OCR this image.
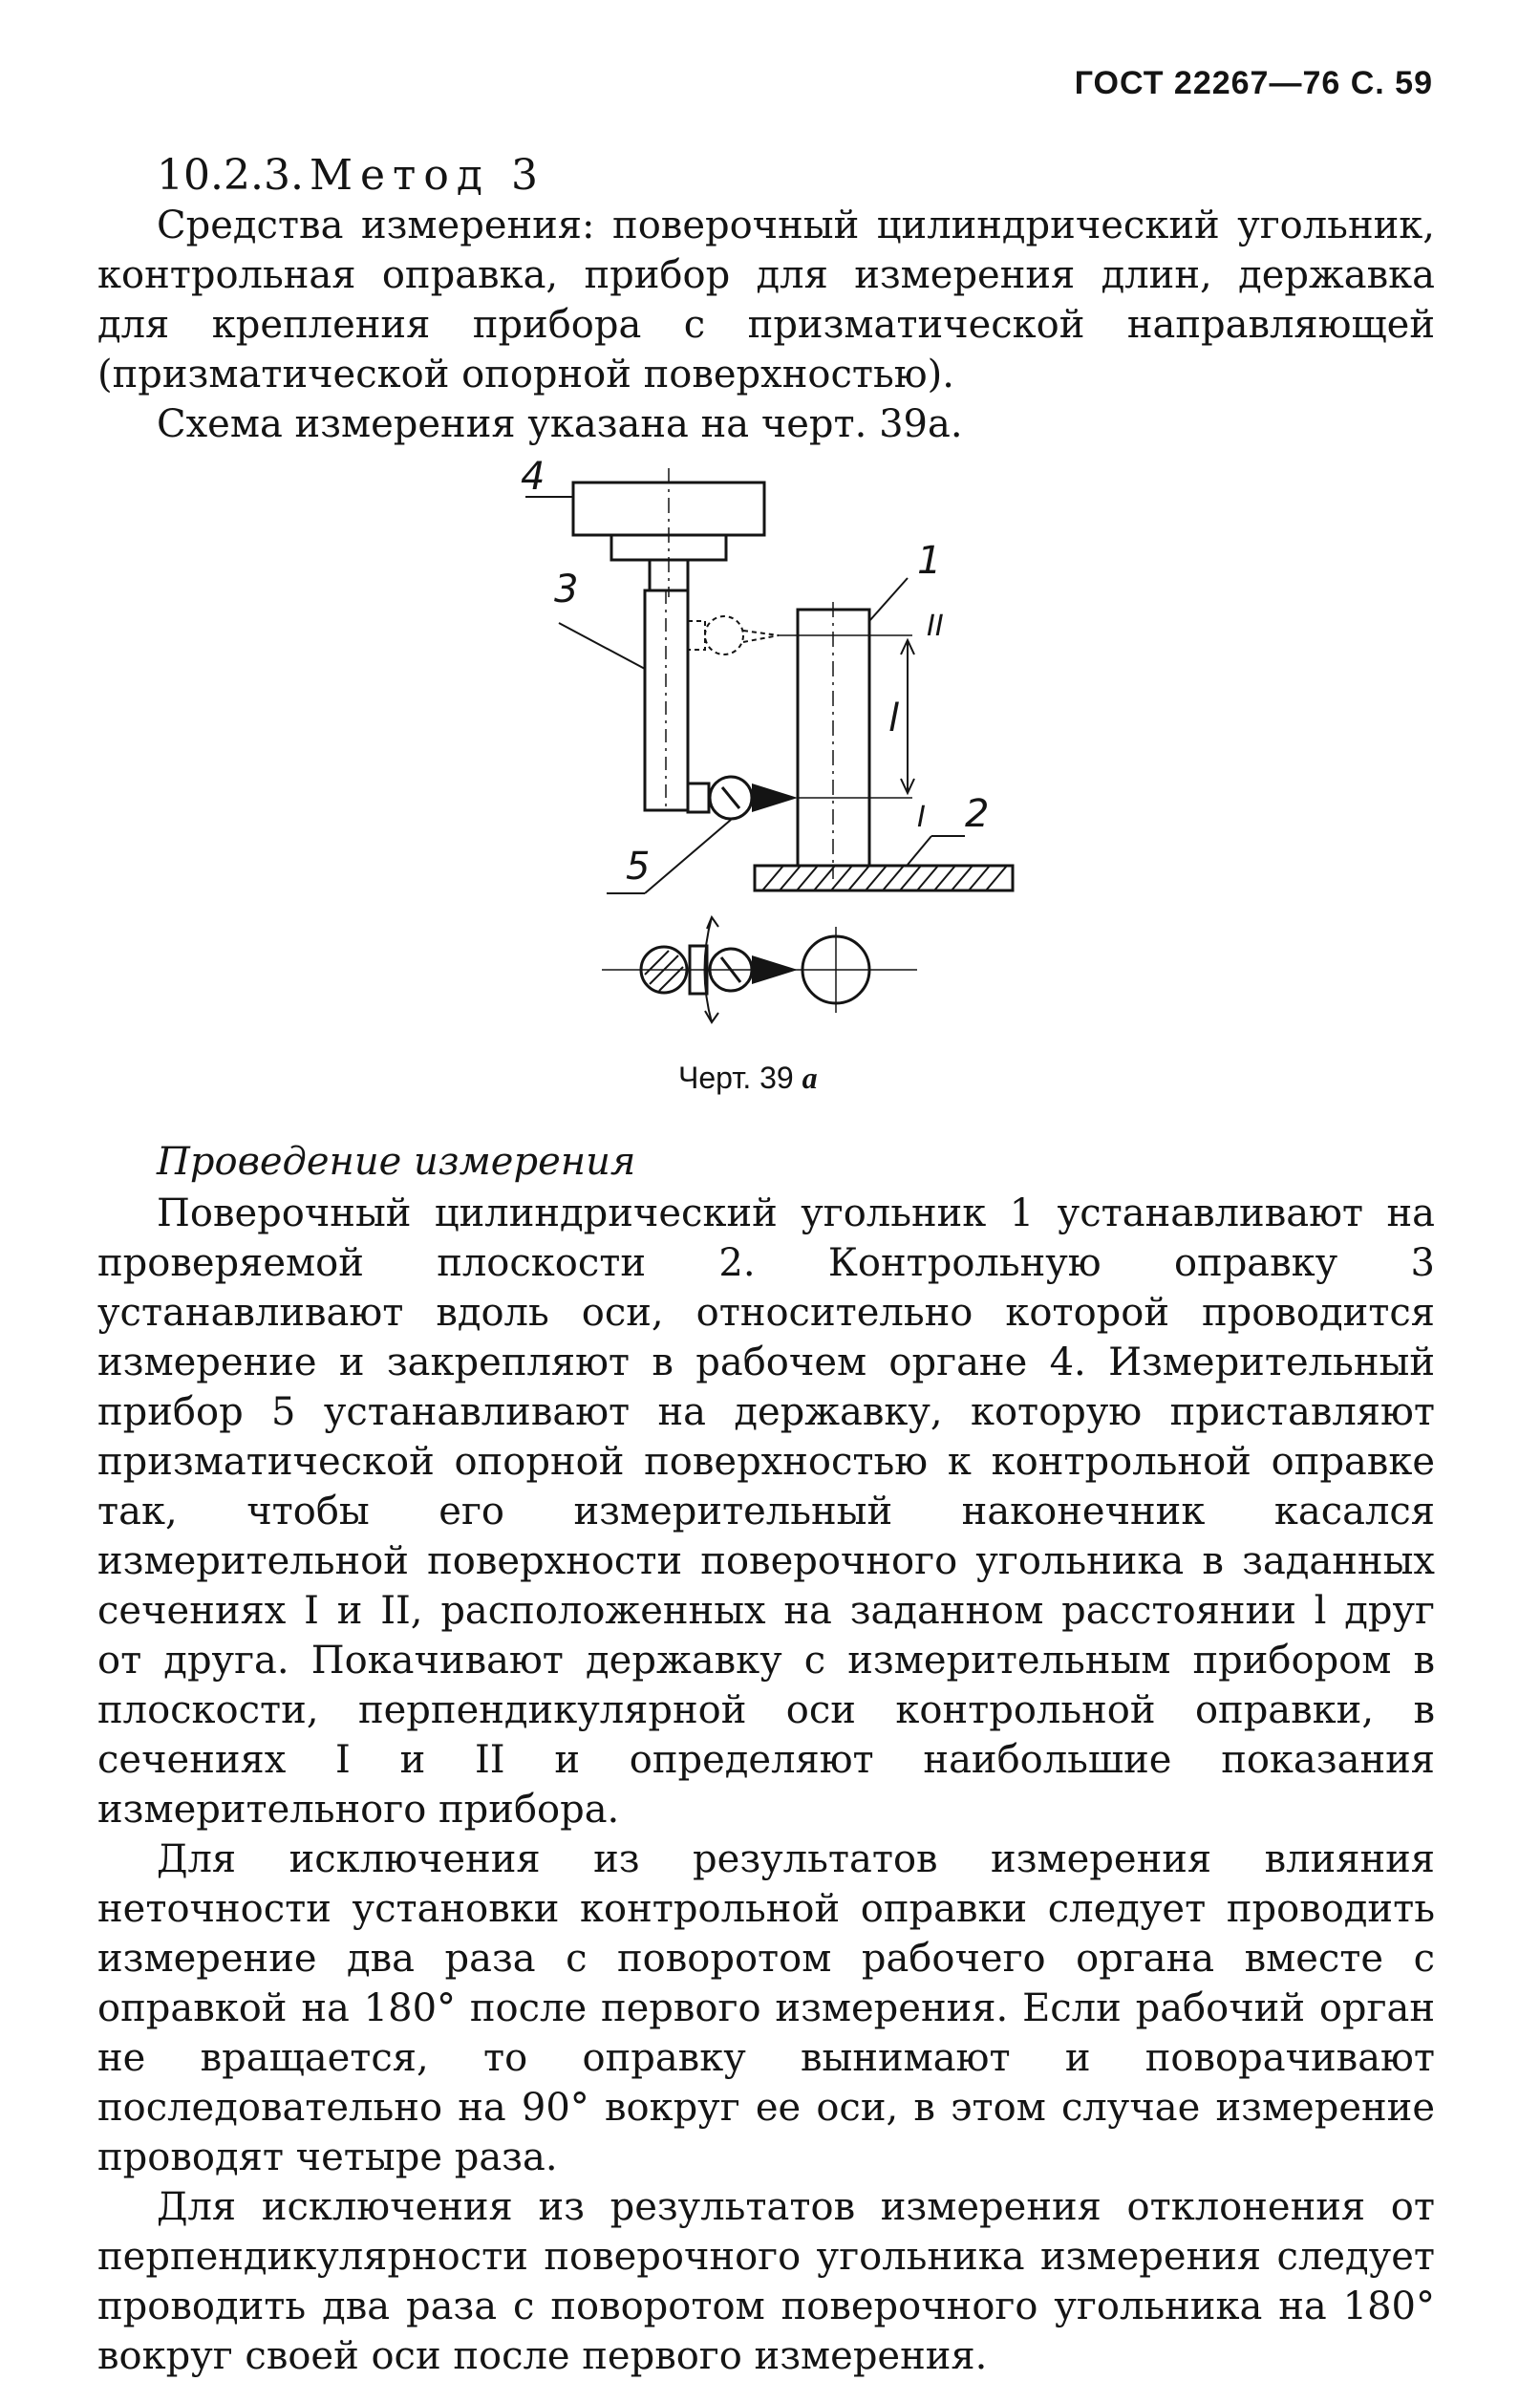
ГОСТ 22267—76 С. 59
10.2.3. Метод 3

Средства измерения: поверочный цилиндрический угольник, контрольная оправка, прибор для измерения длин, державка для крепления прибора с призматической направляющей (призматической опорной поверхностью).

Схема измерения указана на черт. 39а.

4
3
1
II
l
I 2
5
Черт. 39 а
Проведение измерения

Поверочный цилиндрический угольник 1 устанавливают на проверяемой плоскости 2. Контрольную оправку 3 устанавливают вдоль оси, относительно которой проводится измерение и закрепляют в рабочем органе 4. Измерительный прибор 5 устанавливают на державку, которую приставляют призматической опорной поверхностью к контрольной оправке так, чтобы его измерительный наконечник касался измерительной поверхности поверочного угольника в заданных сечениях I и II, расположенных на заданном расстоянии l друг от друга. Покачивают державку с измерительным прибором в плоскости, перпендикулярной оси контрольной оправки, в сечениях I и II и определяют наибольшие показания измерительного прибора.

Для исключения из результатов измерения влияния неточности установки контрольной оправки следует проводить измерение два раза с поворотом рабочего органа вместе с оправкой на 180° после первого измерения. Если рабочий орган не вращается, то оправку вынимают и поворачивают последовательно на 90° вокруг ее оси, в этом случае измерение проводят четыре раза.

Для исключения из результатов измерения отклонения от перпендикулярности поверочного угольника измерения следует проводить два раза с поворотом поверочного угольника на 180° вокруг своей оси после первого измерения.
